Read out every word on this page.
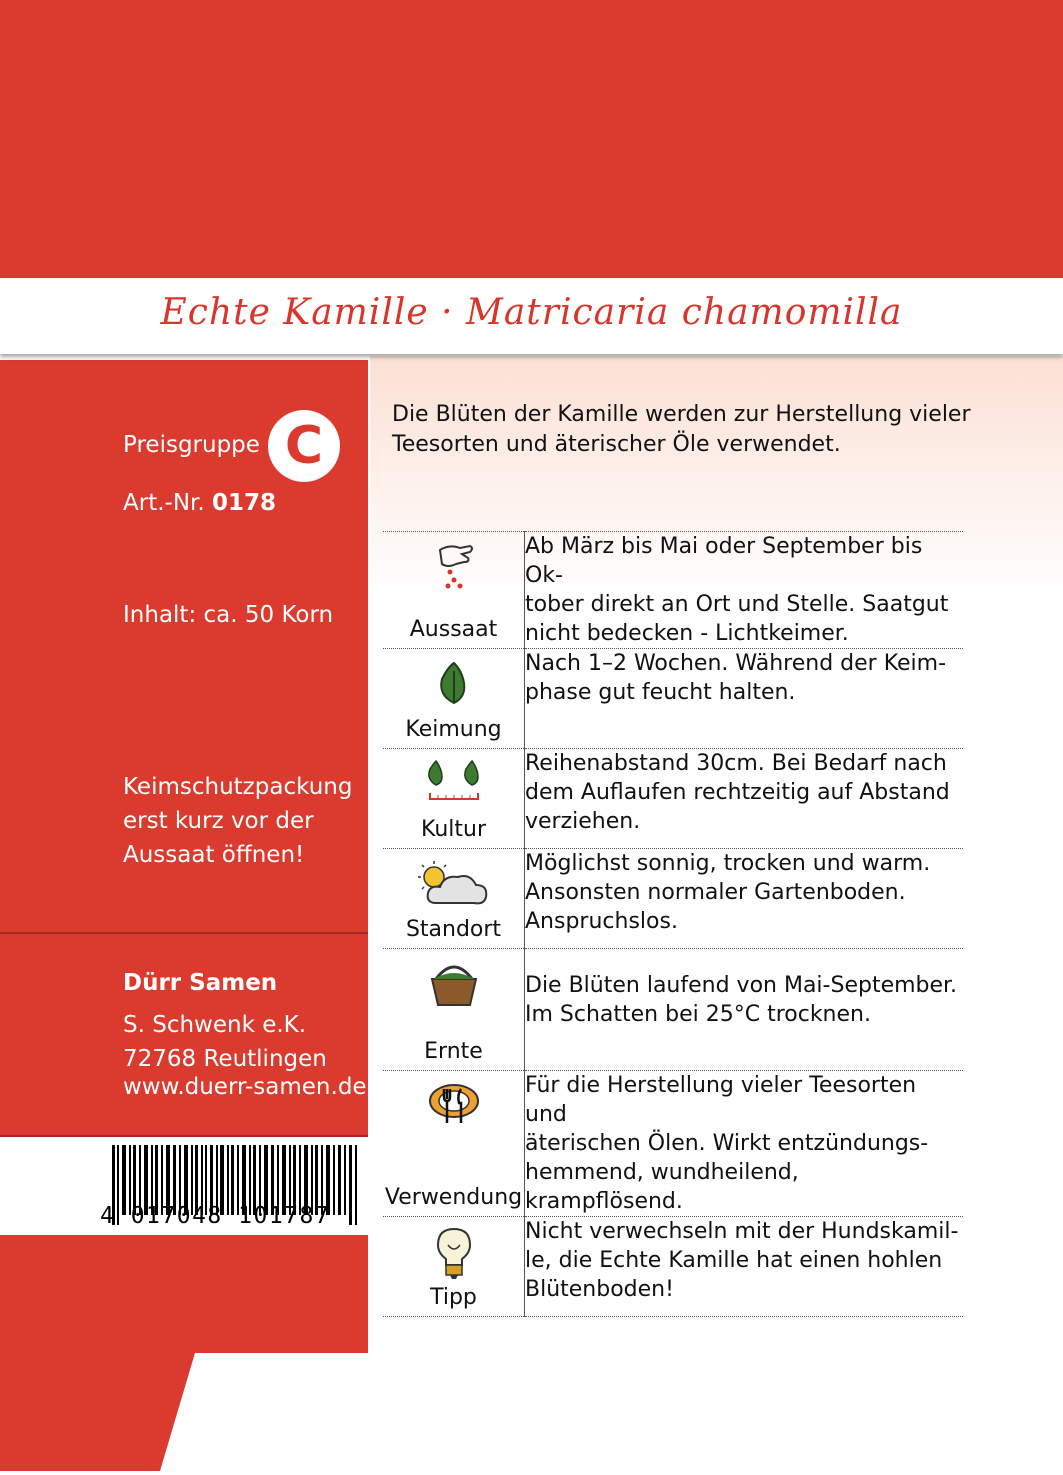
Echte Kamille · Matricaria chamomilla
Preisgruppe C
Art.-Nr. 0178
Inhalt: ca. 50 Korn
Keimschutzpackung
erst kurz vor der
Aussaat öffnen!
Dürr Samen
S. Schwenk e.K.
72768 Reutlingen
www.duerr-samen.de
4 017048 101787
Die Blüten der Kamille werden zur Herstellung vieler
Teesorten und äterischer Öle verwendet.
Aussaat	Ab März bis Mai oder September bis Ok-
tober direkt an Ort und Stelle. Saatgut
nicht bedecken - Lichtkeimer.

Keimung	Nach 1–2 Wochen. Während der Keim-
phase gut feucht halten.

Kultur	Reihenabstand 30cm. Bei Bedarf nach
dem Auflaufen rechtzeitig auf Abstand
verziehen.

Standort	Möglichst sonnig, trocken und warm.
Ansonsten normaler Gartenboden.
Anspruchslos.

Ernte	Die Blüten laufend von Mai-September.
Im Schatten bei 25°C trocknen.

Verwendung	Für die Herstellung vieler Teesorten und
äterischen Ölen. Wirkt entzündungs-
hemmend, wundheilend, krampflösend.

Tipp	Nicht verwechseln mit der Hundskamil-
le, die Echte Kamille hat einen hohlen
Blütenboden!
